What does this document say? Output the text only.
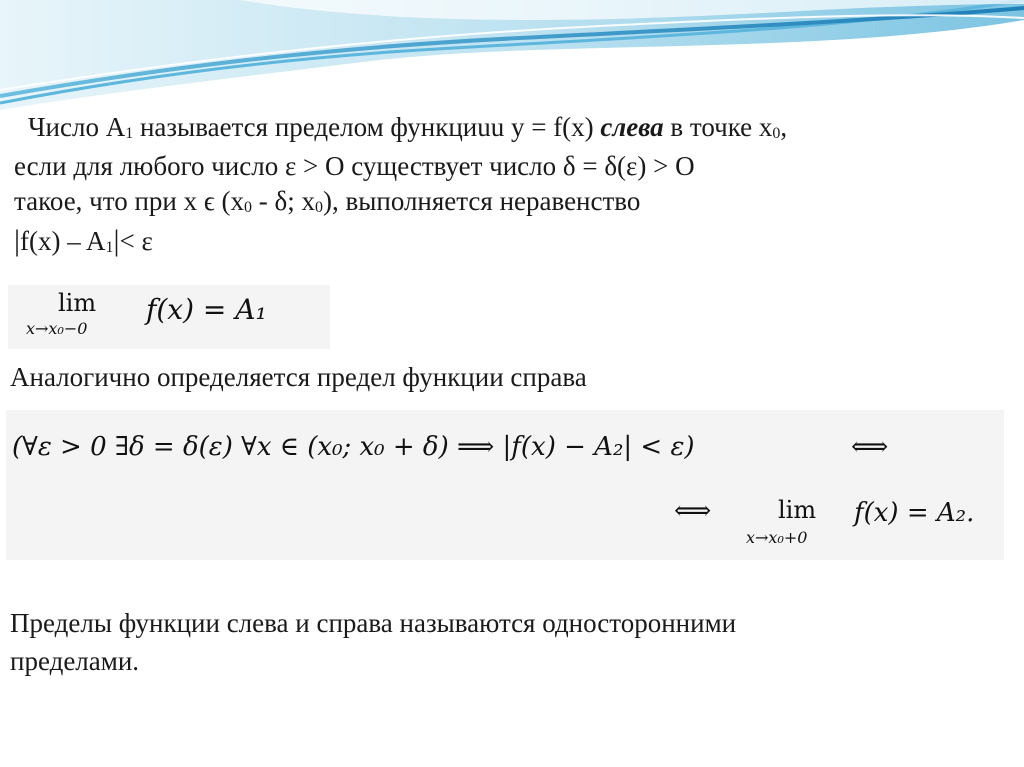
Число $А_1$ называется пределом функциuu у = f(x) слева в точке $x_0$,
если для любого число ε > О существует число δ = δ(ε) > О
такое, что при х ϵ ($х_0$ - δ; $х_0$), выполняется неравенство
$|f(x) - A_1|< \varepsilon$
lim
x→x₀−0
f(x) = A₁

Аналогично определяется предел функции справа

(∀ε > 0 ∃δ = δ(ε) ∀x ∈ (x₀; x₀ + δ) ⟹ |f(x) − A₂| < ε)	⟺
⟺	lim
x→x₀+0
f(x) = A₂.
Пределы функции слева и справа называются односторонними
пределами.
